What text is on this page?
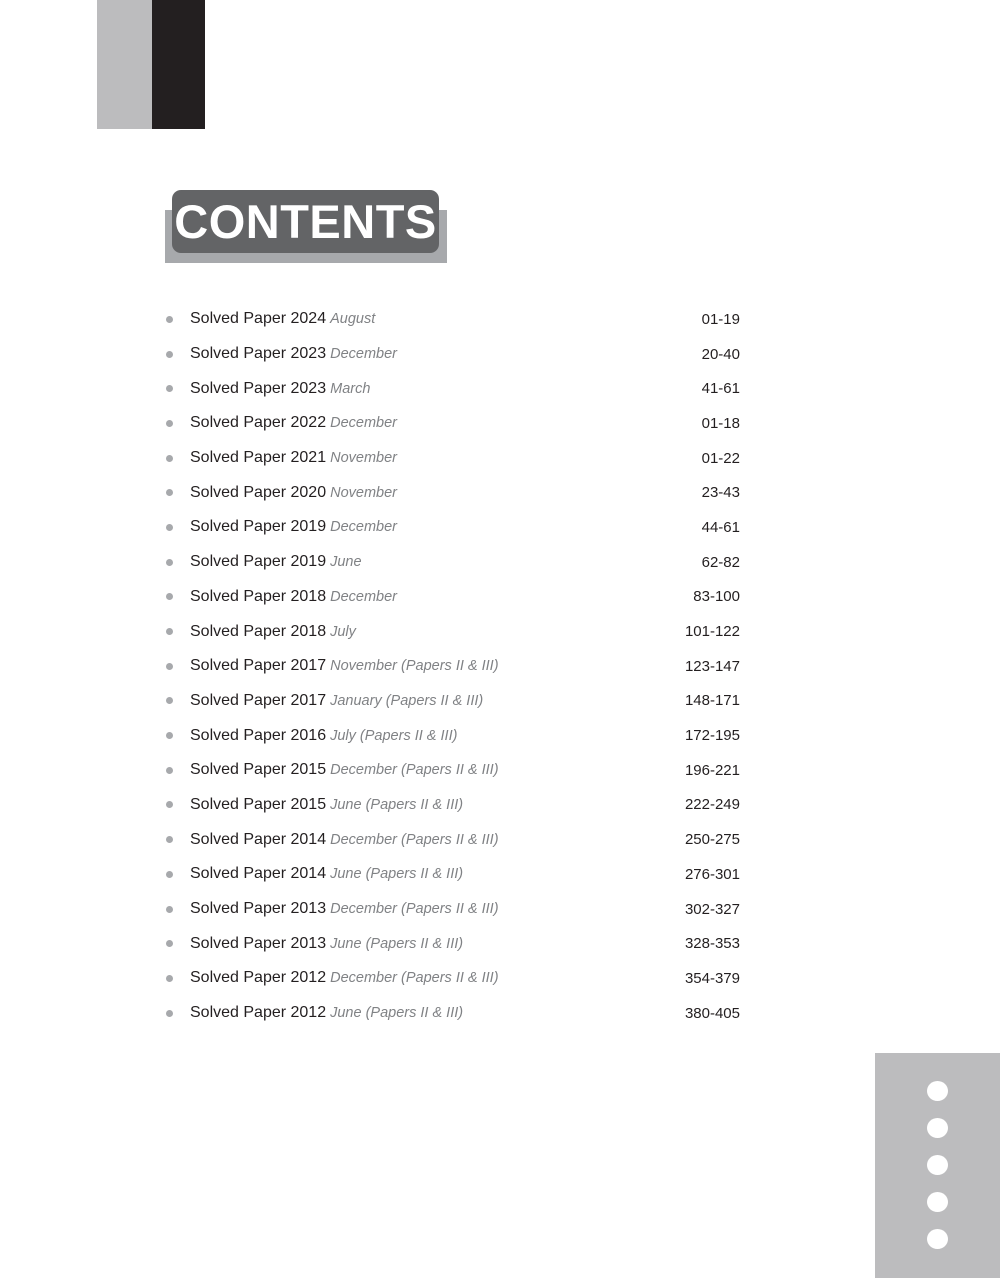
CONTENTS
Solved Paper 2024 August	01-19
Solved Paper 2023 December	20-40
Solved Paper 2023 March	41-61
Solved Paper 2022 December	01-18
Solved Paper 2021 November	01-22
Solved Paper 2020 November	23-43
Solved Paper 2019 December	44-61
Solved Paper 2019 June	62-82
Solved Paper 2018 December	83-100
Solved Paper 2018 July	101-122
Solved Paper 2017 November (Papers II & III)	123-147
Solved Paper 2017 January (Papers II & III)	148-171
Solved Paper 2016 July (Papers II & III)	172-195
Solved Paper 2015 December (Papers II & III)	196-221
Solved Paper 2015 June (Papers II & III)	222-249
Solved Paper 2014 December (Papers II & III)	250-275
Solved Paper 2014 June (Papers II & III)	276-301
Solved Paper 2013 December (Papers II & III)	302-327
Solved Paper 2013 June (Papers II & III)	328-353
Solved Paper 2012 December (Papers II & III)	354-379
Solved Paper 2012 June (Papers II & III)	380-405
